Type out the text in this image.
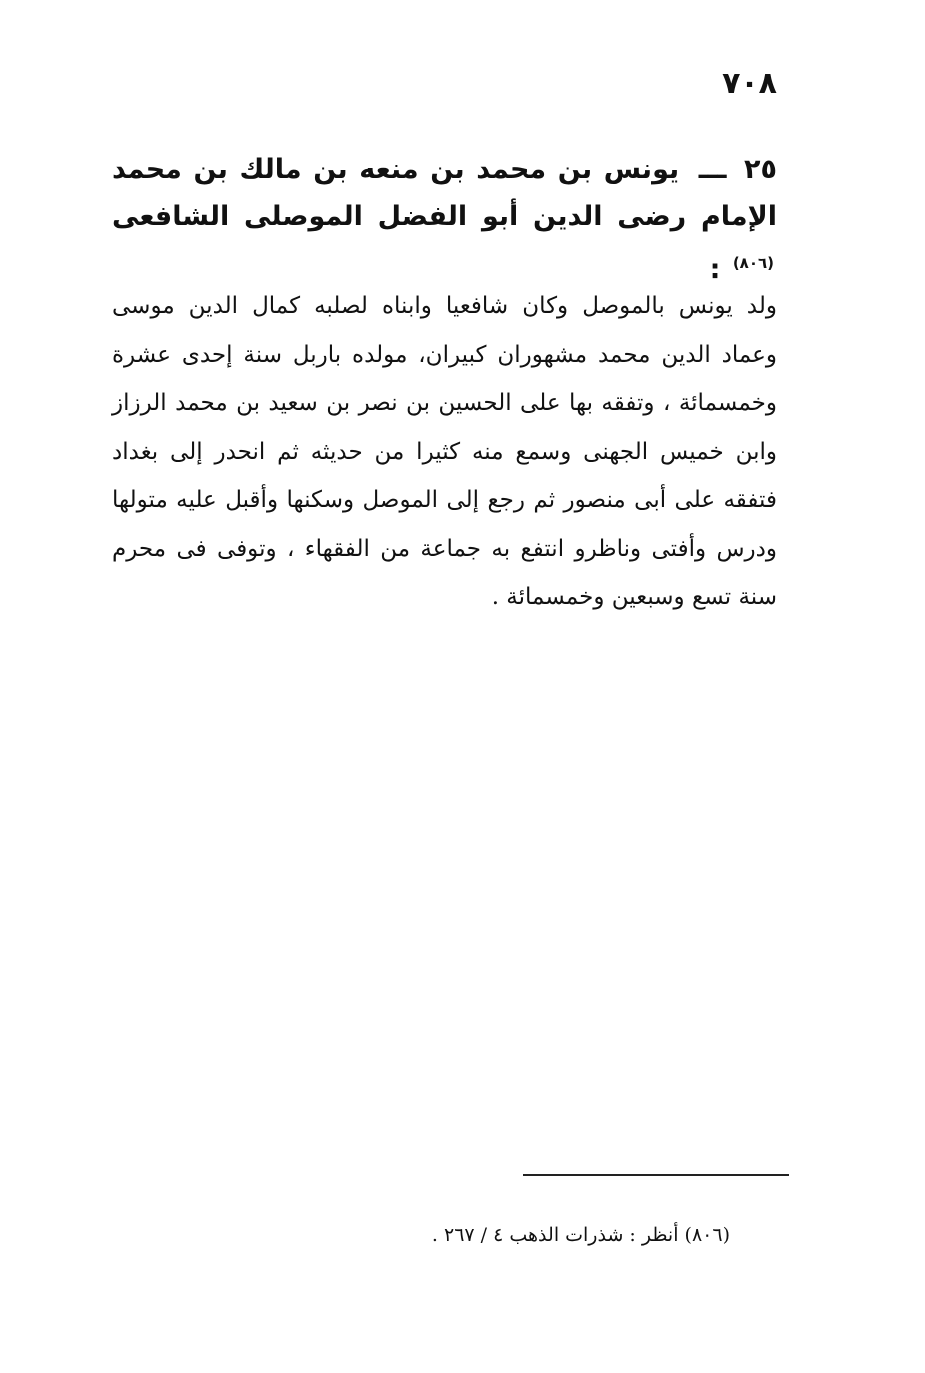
٧٠٨
٢٥ ـــ يونس بن محمد بن منعه بن مالك بن محمد الإمام رضى الدين أبو الفضل الموصلى الشافعى $^{(٨٠٦)}$ :
ولد يونس بالموصل وكان شافعيا وابناه لصلبه كمال الدين موسى وعماد الدين محمد مشهوران كبيران، مولده باربل سنة إحدى عشرة وخمسمائة ، وتفقه بها على الحسين بن نصر بن سعيد بن محمد الرزاز وابن خميس الجهنى وسمع منه كثيرا من حديثه ثم انحدر إلى بغداد فتفقه على أبى منصور ثم رجع إلى الموصل وسكنها وأقبل عليه متولها ودرس وأفتى وناظرو انتفع به جماعة من الفقهاء ، وتوفى فى محرم سنة تسع وسبعين وخمسمائة .
(٨٠٦) أنظر : شذرات الذهب ٤ / ٢٦٧ .
